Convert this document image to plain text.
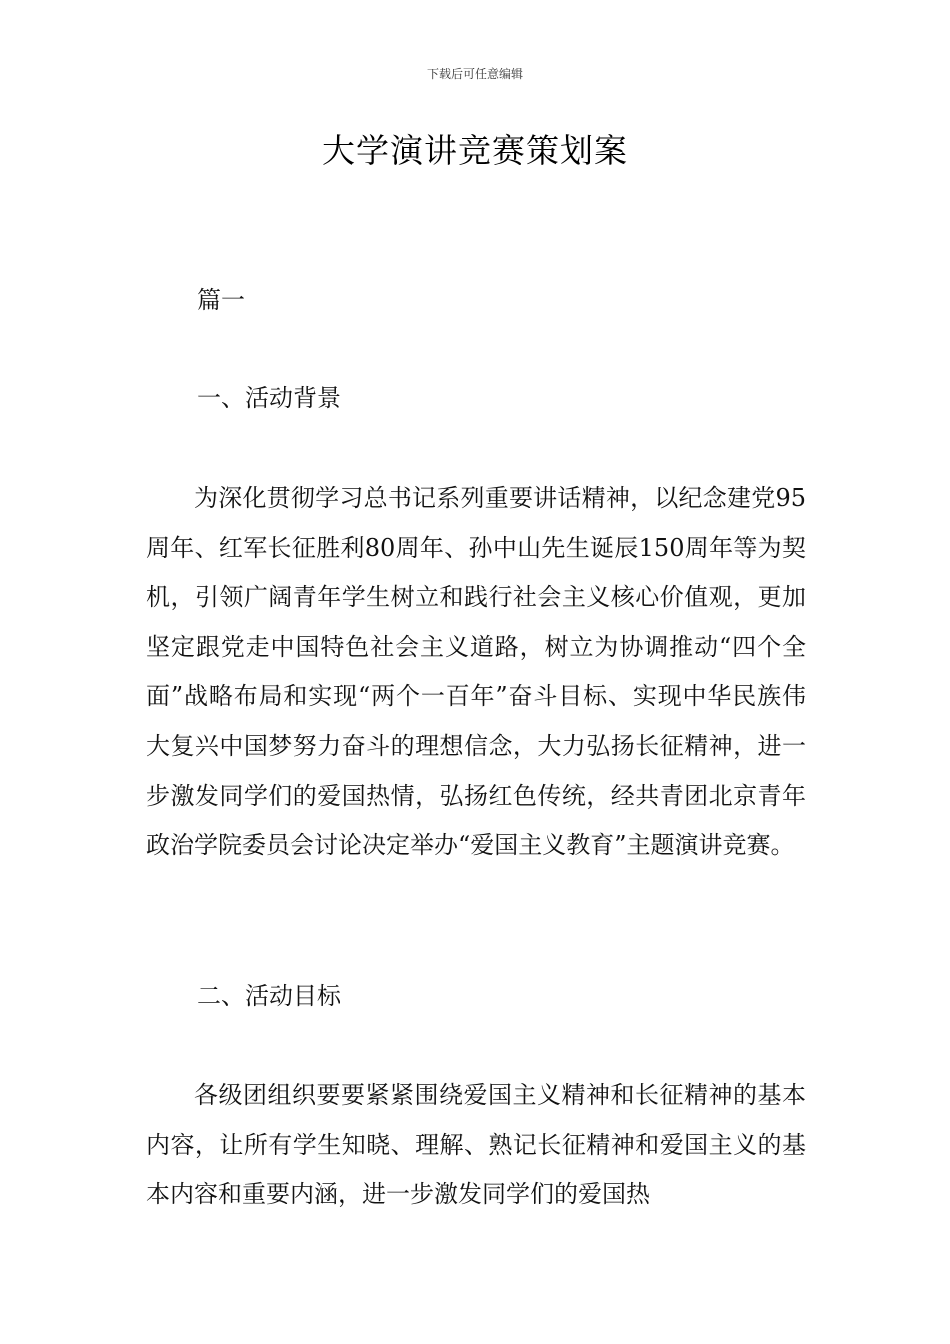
下载后可任意编辑
大学演讲竞赛策划案

篇一

一、活动背景

为深化贯彻学习总书记系列重要讲话精神，以纪念建党95周年、红军长征胜利80周年、孙中山先生诞辰150周年等为契机，引领广阔青年学生树立和践行社会主义核心价值观，更加坚定跟党走中国特色社会主义道路，树立为协调推动“四个全面”战略布局和实现“两个一百年”奋斗目标、实现中华民族伟大复兴中国梦努力奋斗的理想信念，大力弘扬长征精神，进一步激发同学们的爱国热情，弘扬红色传统，经共青团北京青年政治学院委员会讨论决定举办“爱国主义教育”主题演讲竞赛。

二、活动目标

各级团组织要要紧紧围绕爱国主义精神和长征精神的基本内容，让所有学生知晓、理解、熟记长征精神和爱国主义的基本内容和重要内涵，进一步激发同学们的爱国热
